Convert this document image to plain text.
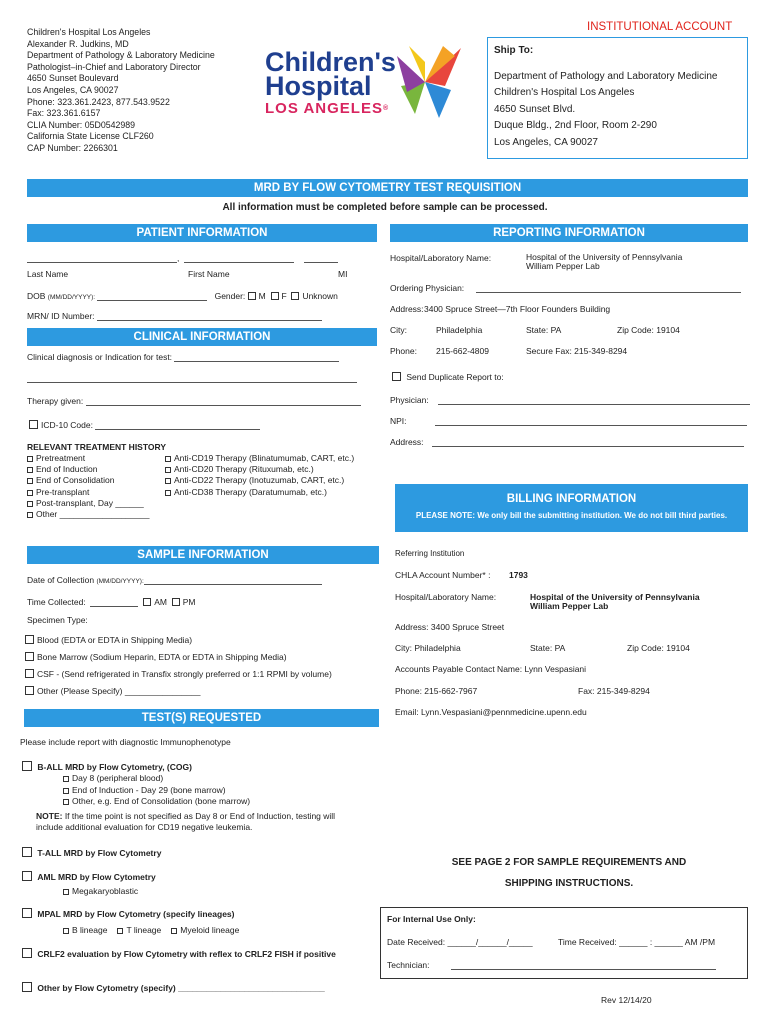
Children's Hospital Los Angeles
Alexander R. Judkins, MD
Department of Pathology & Laboratory Medicine
Pathologist–in-Chief and Laboratory Director
4650 Sunset Boulevard
Los Angeles, CA 90027
Phone: 323.361.2423, 877.543.9522
Fax: 323.361.6157
CLIA Number: 05D0542989
California State License CLF260
CAP Number: 2266301
Children's
Hospital
LOS ANGELES®
INSTITUTIONAL ACCOUNT
Ship To:
Department of Pathology and Laboratory Medicine
Children's Hospital Los Angeles
4650 Sunset Blvd.
Duque Bldg., 2nd Floor, Room 2-290
Los Angeles, CA 90027
MRD BY FLOW CYTOMETRY TEST REQUISITION
All information must be completed before sample can be processed.
PATIENT INFORMATION
,
Last Name	First Name	MI
DOB (MM/DD/YYYY):	Gender: M F Unknown
MRN/ ID Number:
CLINICAL INFORMATION
Clinical diagnosis or Indication for test:
Therapy given:
ICD-10 Code:
RELEVANT TREATMENT HISTORY
Pretreatment
End of Induction
End of Consolidation
Pre-transplant
Post-transplant, Day ______
Other ___________________
Anti-CD19 Therapy (Blinatumumab, CART, etc.)
Anti-CD20 Therapy (Rituxumab, etc.)
Anti-CD22 Therapy (Inotuzumab, CART, etc.)
Anti-CD38 Therapy (Daratumumab, etc.)
REPORTING INFORMATION
Hospital/Laboratory Name:	Hospital of the University of Pennsylvania
William Pepper Lab
Ordering Physician:
Address: 3400 Spruce Street—7th Floor Founders Building
City:	Philadelphia	State: PA	Zip Code: 19104
Phone: 215-662-4809	Secure Fax: 215-349-8294
Send Duplicate Report to:
Physician:
NPI:
Address:
BILLING INFORMATION
PLEASE NOTE: We only bill the submitting institution. We do not bill third parties.
Referring Institution
CHLA Account Number* : 1793
Hospital/Laboratory Name:	Hospital of the University of Pennsylvania
William Pepper Lab
Address: 3400 Spruce Street
City: Philadelphia	State: PA	Zip Code: 19104
Accounts Payable Contact Name: Lynn Vespasiani
Phone: 215-662-7967	Fax: 215-349-8294
Email: Lynn.Vespasiani@pennmedicine.upenn.edu
SAMPLE INFORMATION
Date of Collection (MM/DD/YYYY):
Time Collected:	AM PM
Specimen Type:
Blood (EDTA or EDTA in Shipping Media)
Bone Marrow (Sodium Heparin, EDTA or EDTA in Shipping Media)
CSF - (Send refrigerated in Transfix strongly preferred or 1:1 RPMI by volume)
Other (Please Specify) ________________
TEST(S) REQUESTED
Please include report with diagnostic Immunophenotype
B-ALL MRD by Flow Cytometry, (COG)
Day 8 (peripheral blood)
End of Induction - Day 29 (bone marrow)
Other, e.g. End of Consolidation (bone marrow)
NOTE: If the time point is not specified as Day 8 or End of Induction, testing will
include additional evaluation for CD19 negative leukemia.
T-ALL MRD by Flow Cytometry
AML MRD by Flow Cytometry
Megakaryoblastic
MPAL MRD by Flow Cytometry (specify lineages)
B lineage T lineage Myeloid lineage
CRLF2 evaluation by Flow Cytometry with reflex to CRLF2 FISH if positive
Other by Flow Cytometry (specify) _______________________________
SEE PAGE 2 FOR SAMPLE REQUIREMENTS AND
SHIPPING INSTRUCTIONS.
For Internal Use Only:
Date Received: ______/______/_____	Time Received: ______ : ______ AM /PM
Technician:
Rev 12/14/20
